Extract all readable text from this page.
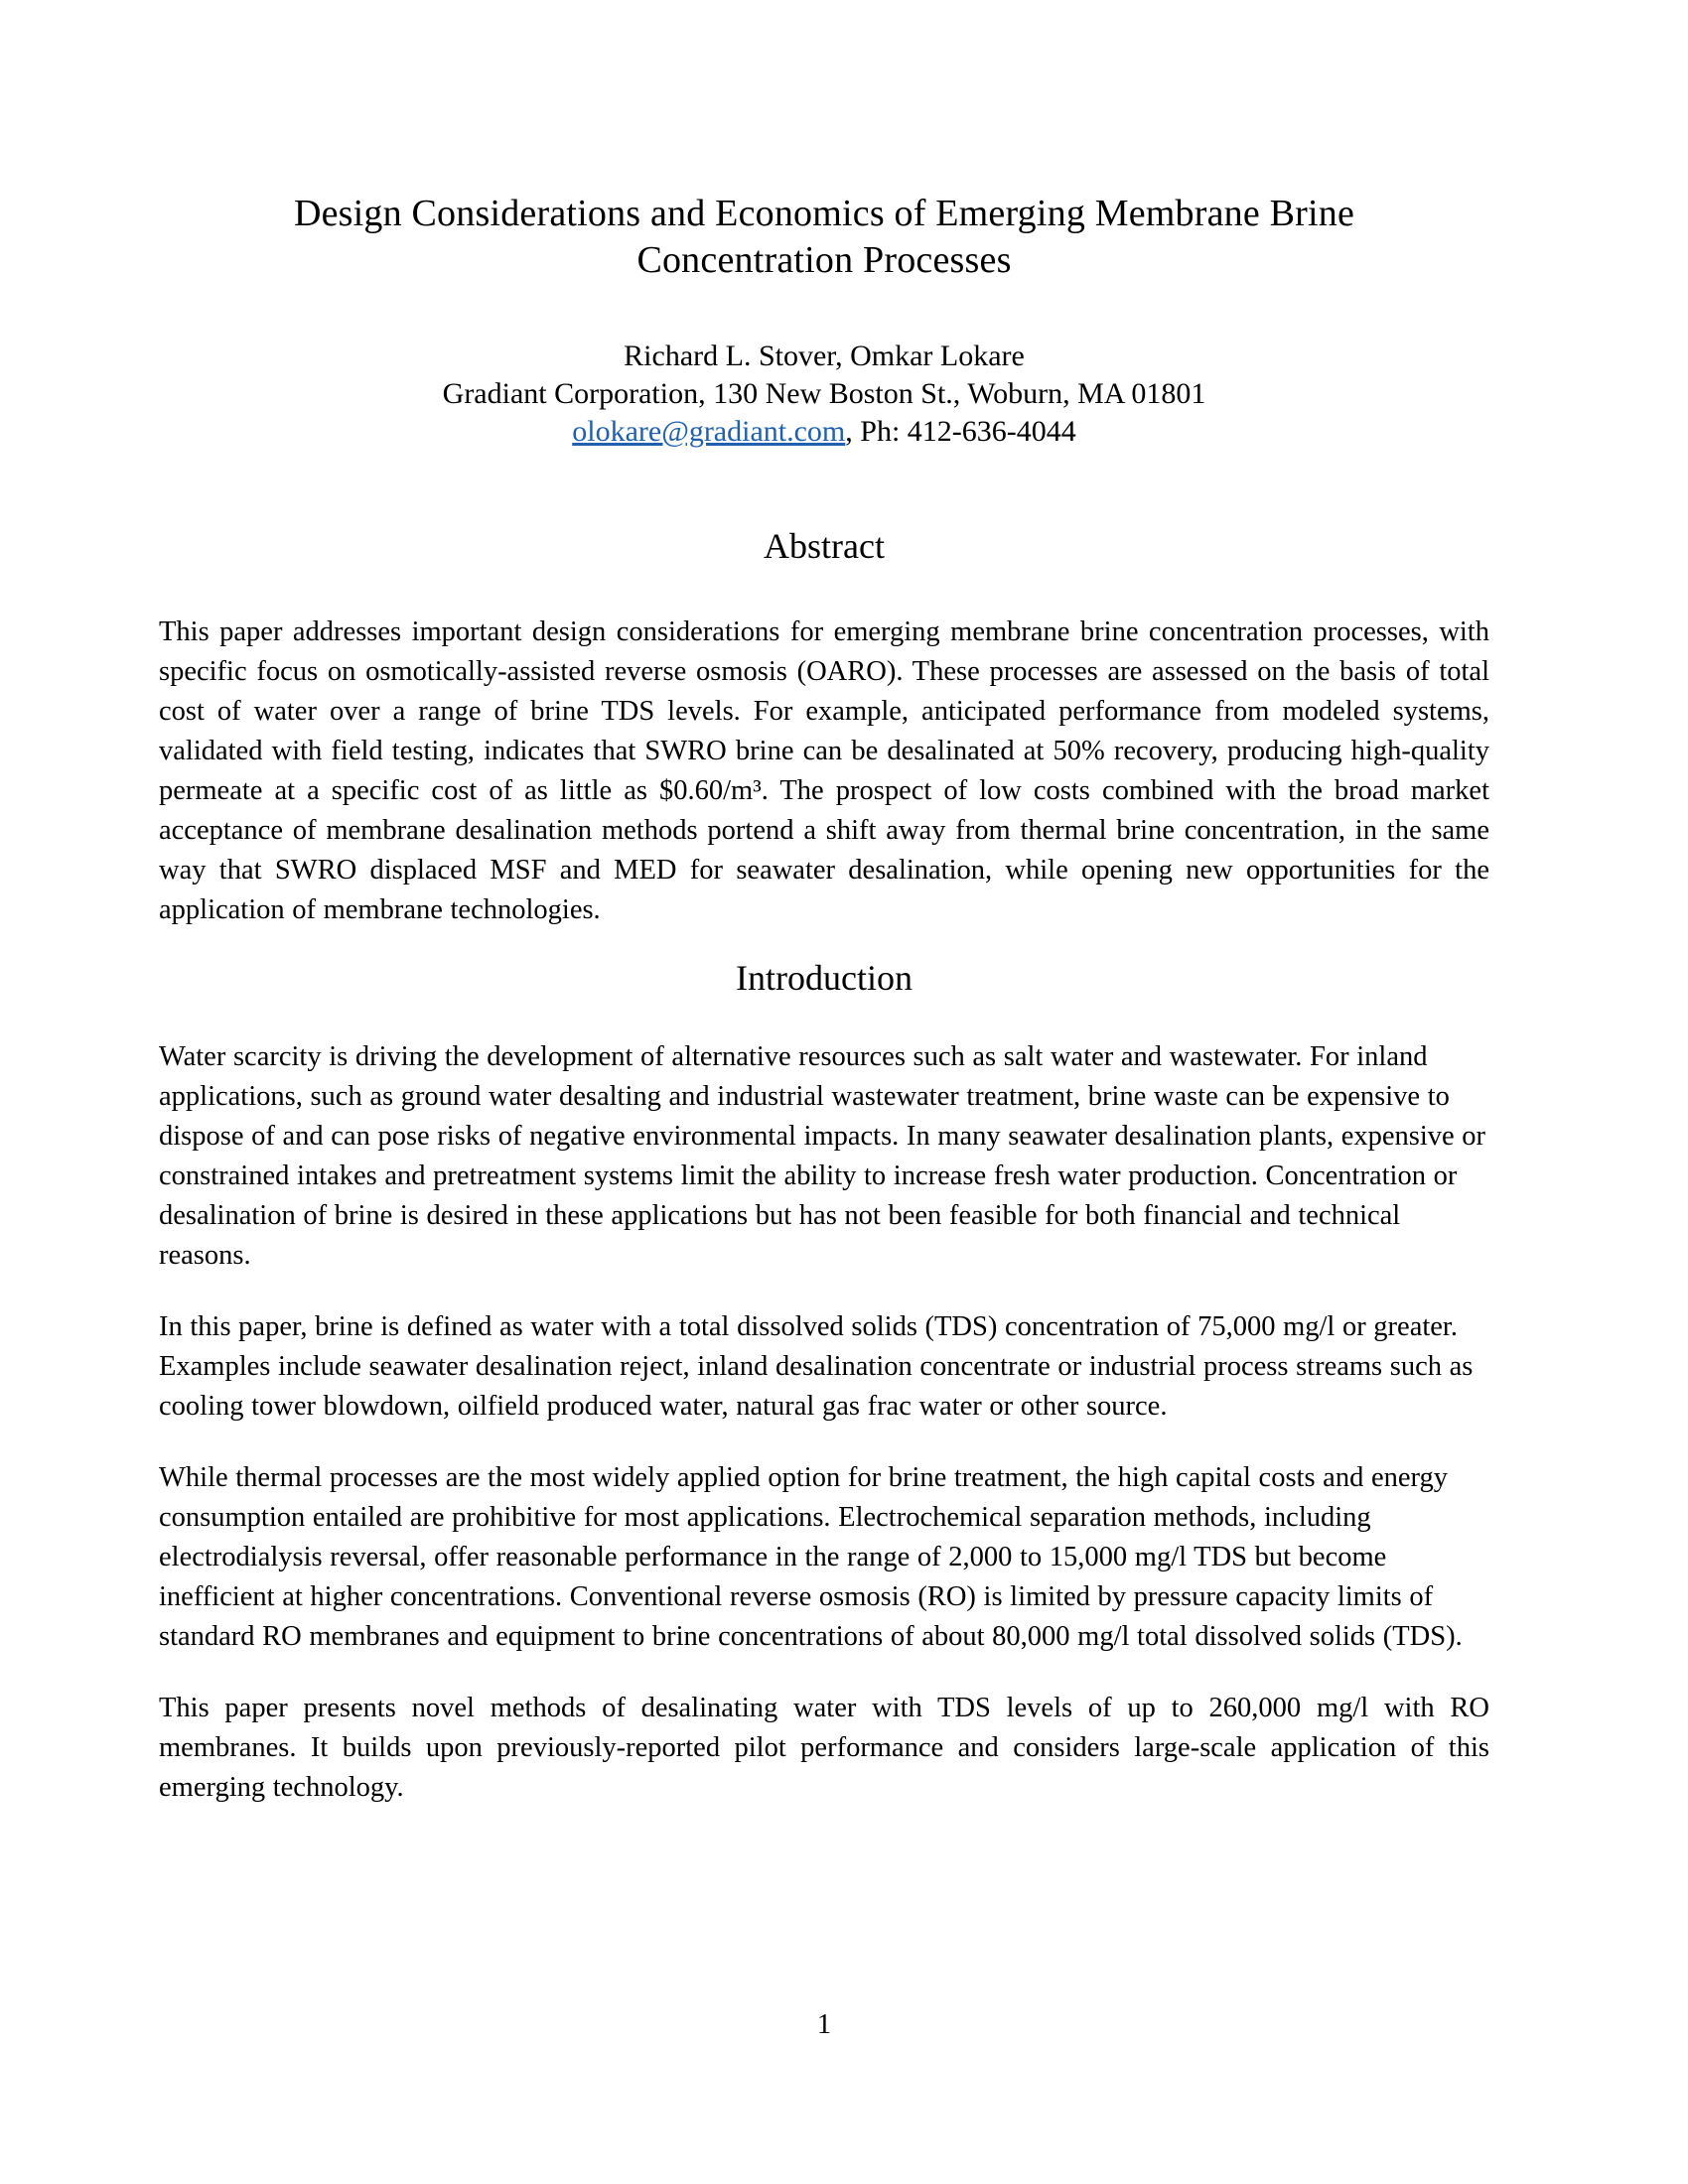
Design Considerations and Economics of Emerging Membrane Brine
Concentration Processes
Richard L. Stover, Omkar Lokare
Gradiant Corporation, 130 New Boston St., Woburn, MA 01801
olokare@gradiant.com, Ph: 412-636-4044
Abstract

This paper addresses important design considerations for emerging membrane brine concentration processes, with specific focus on osmotically-assisted reverse osmosis (OARO). These processes are assessed on the basis of total cost of water over a range of brine TDS levels. For example, anticipated performance from modeled systems, validated with field testing, indicates that SWRO brine can be desalinated at 50% recovery, producing high-quality permeate at a specific cost of as little as $0.60/m³. The prospect of low costs combined with the broad market acceptance of membrane desalination methods portend a shift away from thermal brine concentration, in the same way that SWRO displaced MSF and MED for seawater desalination, while opening new opportunities for the application of membrane technologies.

Introduction

Water scarcity is driving the development of alternative resources such as salt water and wastewater. For inland applications, such as ground water desalting and industrial wastewater treatment, brine waste can be expensive to dispose of and can pose risks of negative environmental impacts. In many seawater desalination plants, expensive or constrained intakes and pretreatment systems limit the ability to increase fresh water production. Concentration or desalination of brine is desired in these applications but has not been feasible for both financial and technical reasons.

In this paper, brine is defined as water with a total dissolved solids (TDS) concentration of 75,000 mg/l or greater. Examples include seawater desalination reject, inland desalination concentrate or industrial process streams such as cooling tower blowdown, oilfield produced water, natural gas frac water or other source.

While thermal processes are the most widely applied option for brine treatment, the high capital costs and energy consumption entailed are prohibitive for most applications. Electrochemical separation methods, including electrodialysis reversal, offer reasonable performance in the range of 2,000 to 15,000 mg/l TDS but become inefficient at higher concentrations. Conventional reverse osmosis (RO) is limited by pressure capacity limits of standard RO membranes and equipment to brine concentrations of about 80,000 mg/l total dissolved solids (TDS).

This paper presents novel methods of desalinating water with TDS levels of up to 260,000 mg/l with RO membranes. It builds upon previously-reported pilot performance and considers large-scale application of this emerging technology.

1
